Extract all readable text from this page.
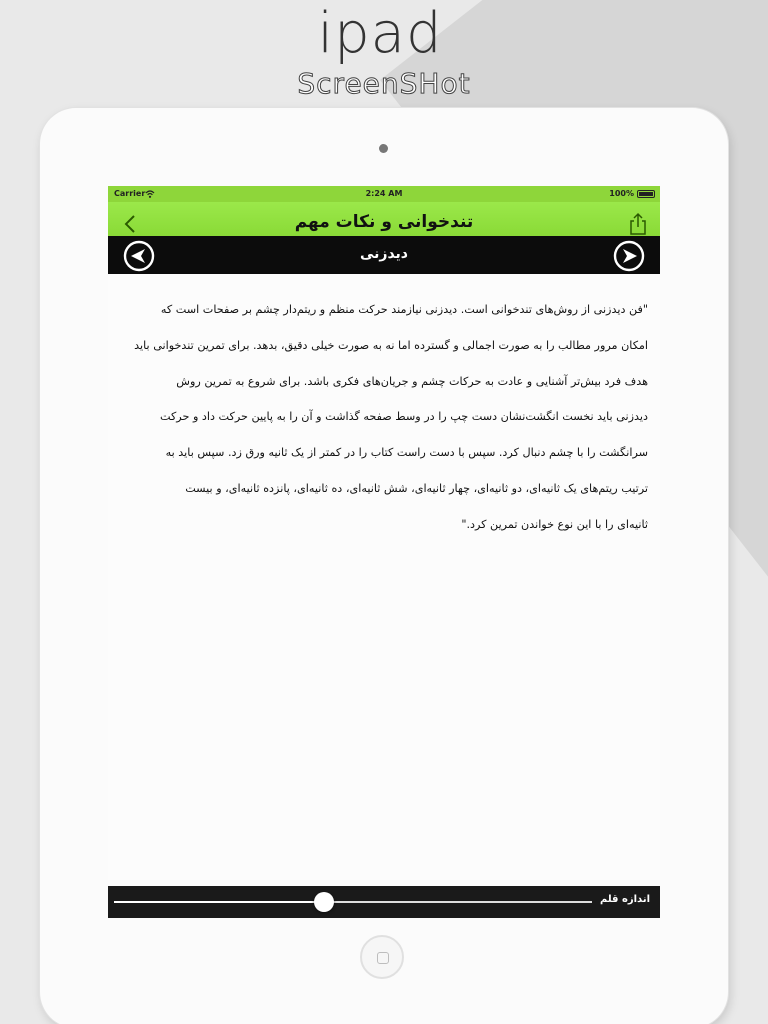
ipad
ScreenSHot
Carrier	2:24 AM	100%
تندخوانی و نکات مهم
دیدزنی
"فن دیدزنی از روش‌های تندخوانی است. دیدزنی نیازمند حرکت منظم و ریتم‌دار چشم بر صفحات است که
امکان مرور مطالب را به صورت اجمالی و گسترده اما نه به صورت خیلی دقیق، بدهد. برای تمرین تندخوانی باید
هدف فرد بیش‌تر آشنایی و عادت به حرکات چشم و جریان‌های فکری باشد. برای شروع به تمرین روش
دیدزنی باید نخست انگشت‌نشان دست چپ را در وسط صفحه گذاشت و آن را به پایین حرکت داد و حرکت
سرانگشت را با چشم دنبال کرد. سپس با دست راست کتاب را در کمتر از یک ثانیه ورق زد. سپس باید به
ترتیب ریتم‌های یک ثانیه‌ای، دو ثانیه‌ای، چهار ثانیه‌ای، شش ثانیه‌ای، ده ثانیه‌ای، پانزده ثانیه‌ای، و بیست
ثانیه‌ای را با این نوع خواندن تمرین کرد."
اندازه قلم
